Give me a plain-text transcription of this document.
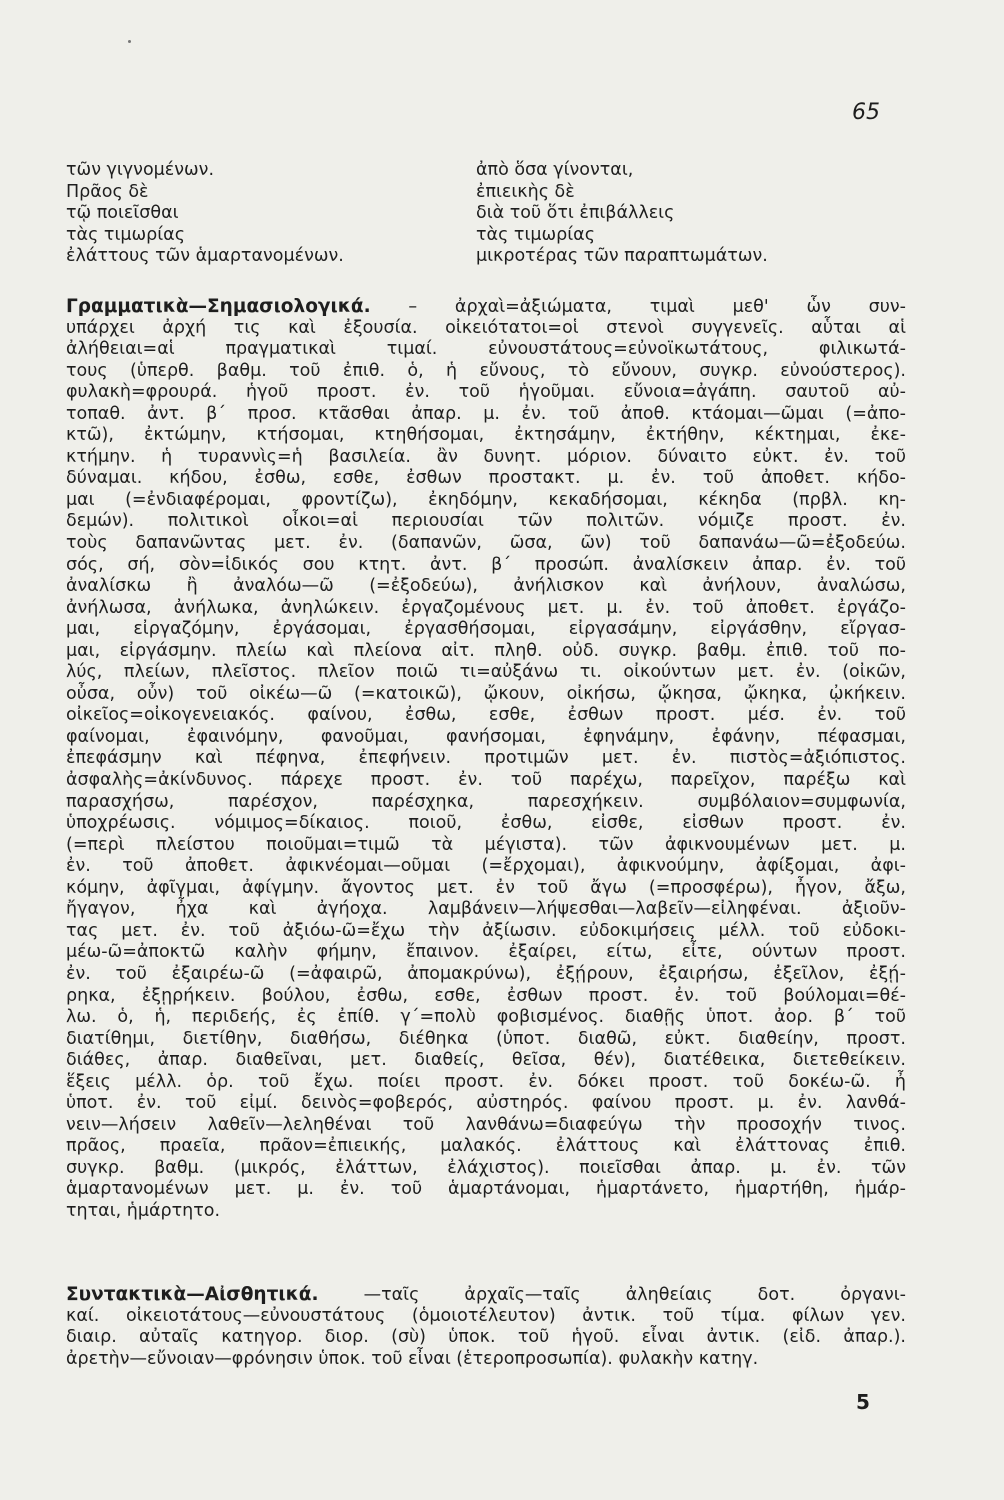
65
τῶν γιγνομένων.	ἀπὸ ὅσα γίνονται,
Πρᾶος δὲ	ἐπιεικὴς δὲ
τῷ ποιεῖσθαι	διὰ τοῦ ὅτι ἐπιβάλλεις
τὰς τιμωρίας	τὰς τιμωρίας
ἐλάττους τῶν ἁμαρτανομένων.	μικροτέρας τῶν παραπτωμάτων.
Γραμματικὰ—Σημασιολογικά. – ἀρχαὶ=ἀξιώματα, τιμαὶ μεθ' ὧν συν-
υπάρχει ἀρχή τις καὶ ἐξουσία. οἰκειότατοι=οἱ στενοὶ συγγενεῖς. αὗται αἱ
ἀλήθειαι=αἱ πραγματικαὶ τιμαί. εὐνουστάτους=εὐνοϊκωτάτους, φιλικωτά-
τους (ὑπερθ. βαθμ. τοῦ ἐπιθ. ὁ, ἡ εὔνους, τὸ εὔνουν, συγκρ. εὐνούστερος).
φυλακὴ=φρουρά. ἡγοῦ προστ. ἐν. τοῦ ἡγοῦμαι. εὔνοια=ἀγάπη. σαυτοῦ αὐ-
τοπαθ. ἀντ. β΄ προσ. κτᾶσθαι ἀπαρ. μ. ἐν. τοῦ ἀποθ. κτάομαι—ῶμαι (=ἀπο-
κτῶ), ἐκτώμην, κτήσομαι, κτηθήσομαι, ἐκτησάμην, ἐκτήθην, κέκτημαι, ἐκε-
κτήμην. ἡ τυραννὶς=ἡ βασιλεία. ἂν δυνητ. μόριον. δύναιτο εὐκτ. ἐν. τοῦ
δύναμαι. κήδου, ἐσθω, εσθε, ἐσθων προστακτ. μ. ἐν. τοῦ ἀποθετ. κήδο-
μαι (=ἐνδιαφέρομαι, φροντίζω), ἐκηδόμην, κεκαδήσομαι, κέκηδα (πρβλ. κη-
δεμών). πολιτικοὶ οἶκοι=αἱ περιουσίαι τῶν πολιτῶν. νόμιζε προστ. ἐν.
τοὺς δαπανῶντας μετ. ἐν. (δαπανῶν, ῶσα, ῶν) τοῦ δαπανάω—ῶ=ἐξοδεύω.
σός, σή, σὸν=ἰδικός σου κτητ. ἀντ. β΄ προσώπ. ἀναλίσκειν ἀπαρ. ἐν. τοῦ
ἀναλίσκω ἢ ἀναλόω—ῶ (=ἐξοδεύω), ἀνήλισκον καὶ ἀνήλουν, ἀναλώσω,
ἀνήλωσα, ἀνήλωκα, ἀνηλώκειν. ἐργαζομένους μετ. μ. ἐν. τοῦ ἀποθετ. ἐργάζο-
μαι, εἰργαζόμην, ἐργάσομαι, ἐργασθήσομαι, εἰργασάμην, εἰργάσθην, εἴργασ-
μαι, εἰργάσμην. πλείω καὶ πλείονα αἰτ. πληθ. οὐδ. συγκρ. βαθμ. ἐπιθ. τοῦ πο-
λύς, πλείων, πλεῖστος. πλεῖον ποιῶ τι=αὐξάνω τι. οἰκούντων μετ. ἐν. (οἰκῶν,
οὖσα, οὖν) τοῦ οἰκέω—ῶ (=κατοικῶ), ᾤκουν, οἰκήσω, ᾤκησα, ᾤκηκα, ᾠκήκειν.
οἰκεῖος=οἰκογενειακός. φαίνου, ἐσθω, εσθε, ἐσθων προστ. μέσ. ἐν. τοῦ
φαίνομαι, ἐφαινόμην, φανοῦμαι, φανήσομαι, ἐφηνάμην, ἐφάνην, πέφασμαι,
ἐπεφάσμην καὶ πέφηνα, ἐπεφήνειν. προτιμῶν μετ. ἐν. πιστὸς=ἀξιόπιστος.
ἀσφαλὴς=ἀκίνδυνος. πάρεχε προστ. ἐν. τοῦ παρέχω, παρεῖχον, παρέξω καὶ
παρασχήσω, παρέσχον, παρέσχηκα, παρεσχήκειν. συμβόλαιον=συμφωνία,
ὑποχρέωσις. νόμιμος=δίκαιος. ποιοῦ, ἐσθω, εἰσθε, εἰσθων προστ. ἐν.
(=περὶ πλείστου ποιοῦμαι=τιμῶ τὰ μέγιστα). τῶν ἀφικνουμένων μετ. μ.
ἐν. τοῦ ἀποθετ. ἀφικνέομαι—οῦμαι (=ἔρχομαι), ἀφικνούμην, ἀφίξομαι, ἀφι-
κόμην, ἀφῖγμαι, ἀφίγμην. ἄγοντος μετ. ἐν τοῦ ἄγω (=προσφέρω), ἦγον, ἄξω,
ἤγαγον, ἦχα καὶ ἀγήοχα. λαμβάνειν—λήψεσθαι—λαβεῖν—εἰληφέναι. ἀξιοῦν-
τας μετ. ἐν. τοῦ ἀξιόω-ῶ=ἔχω τὴν ἀξίωσιν. εὐδοκιμήσεις μέλλ. τοῦ εὐδοκι-
μέω-ῶ=ἀποκτῶ καλὴν φήμην, ἔπαινον. ἐξαίρει, είτω, εἶτε, ούντων προστ.
ἐν. τοῦ ἐξαιρέω-ῶ (=ἀφαιρῶ, ἀπομακρύνω), ἐξῄρουν, ἐξαιρήσω, ἐξεῖλον, ἐξῄ-
ρηκα, ἐξῃρήκειν. βούλου, ἐσθω, εσθε, ἐσθων προστ. ἐν. τοῦ βούλομαι=θέ-
λω. ὁ, ἡ, περιδεής, ἐς ἐπίθ. γ΄=πολὺ φοβισμένος. διαθῇς ὑποτ. ἀορ. β΄ τοῦ
διατίθημι, διετίθην, διαθήσω, διέθηκα (ὑποτ. διαθῶ, εὐκτ. διαθείην, προστ.
διάθες, ἀπαρ. διαθεῖναι, μετ. διαθείς, θεῖσα, θέν), διατέθεικα, διετεθείκειν.
ἕξεις μέλλ. ὁρ. τοῦ ἔχω. ποίει προστ. ἐν. δόκει προστ. τοῦ δοκέω-ῶ. ἦ
ὑποτ. ἐν. τοῦ εἰμί. δεινὸς=φοβερός, αὐστηρός. φαίνου προστ. μ. ἐν. λανθά-
νειν—λήσειν λαθεῖν—λεληθέναι τοῦ λανθάνω=διαφεύγω τὴν προσοχήν τινος.
πρᾶος, πραεῖα, πρᾶον=ἐπιεικής, μαλακός. ἐλάττους καὶ ἐλάττονας ἐπιθ.
συγκρ. βαθμ. (μικρός, ἐλάττων, ἐλάχιστος). ποιεῖσθαι ἀπαρ. μ. ἐν. τῶν
ἁμαρτανομένων μετ. μ. ἐν. τοῦ ἁμαρτάνομαι, ἡμαρτάνετο, ἡμαρτήθη, ἡμάρ-
τηται, ἡμάρτητο.
Συντακτικὰ—Αἰσθητικά.	—ταῖς ἀρχαῖς—ταῖς ἀληθείαις δοτ. ὀργανι-
καί. οἰκειοτάτους—εὐνουστάτους (ὁμοιοτέλευτον) ἀντικ. τοῦ τίμα. φίλων γεν.
διαιρ. αὐταῖς κατηγορ. διορ. (σὺ) ὑποκ. τοῦ ἡγοῦ. εἶναι ἀντικ. (εἰδ. ἀπαρ.).
ἀρετὴν—εὔνοιαν—φρόνησιν ὑποκ. τοῦ εἶναι (ἑτεροπροσωπία). φυλακὴν κατηγ.
5
